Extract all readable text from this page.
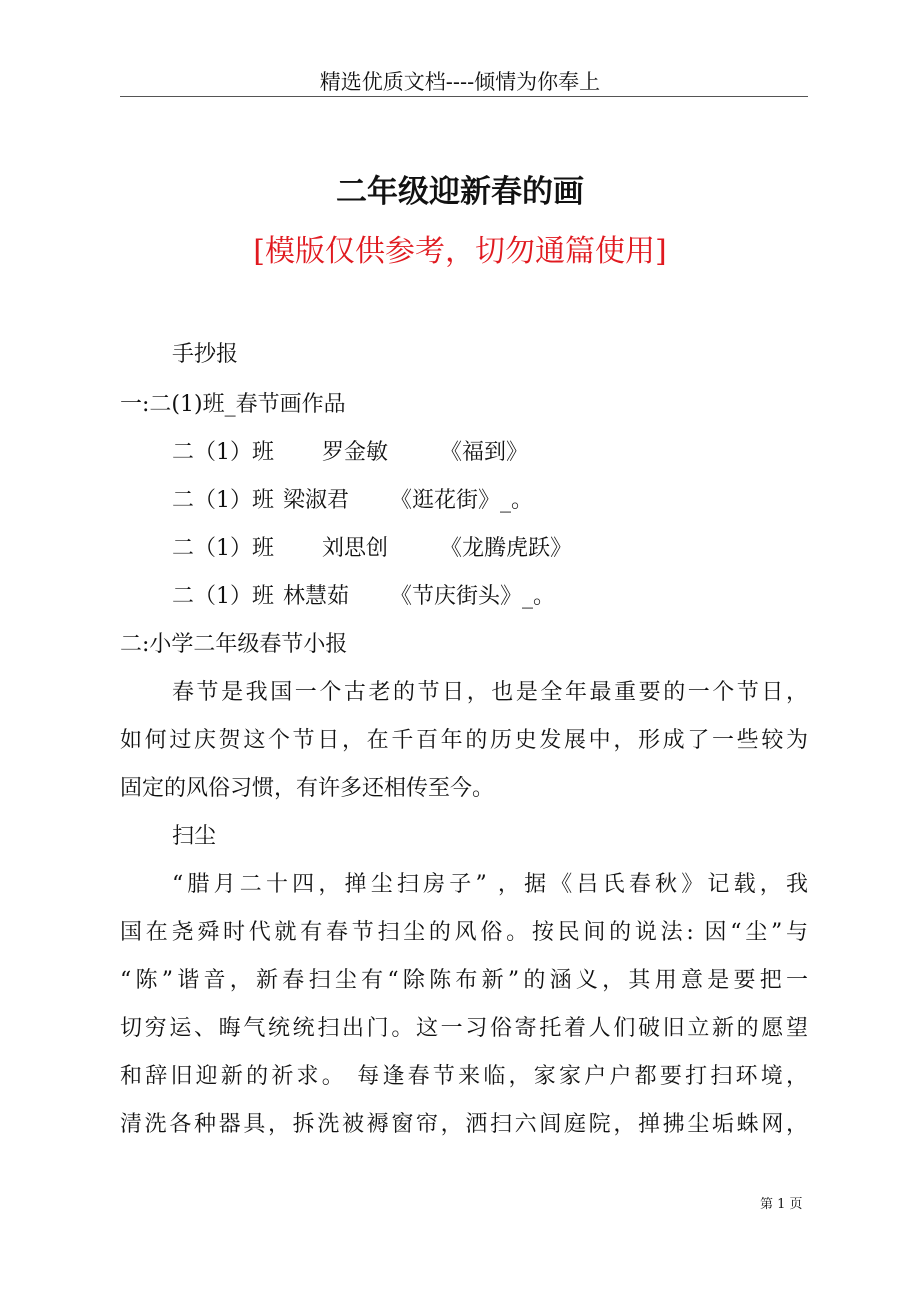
精选优质文档----倾情为你奉上
二年级迎新春的画
[模版仅供参考，切勿通篇使用]
手抄报
一:二(1)班_春节画作品
二（1）班 罗金敏 《福到》
二（1）班 梁淑君 《逛花街》_。
二（1）班 刘思创 《龙腾虎跃》
二（1）班 林慧茹 《节庆街头》_。
二:小学二年级春节小报
春节是我国一个古老的节日，也是全年最重要的一个节日，
如何过庆贺这个节日，在千百年的历史发展中，形成了一些较为
固定的风俗习惯，有许多还相传至今。
扫尘
“腊月二十四，掸尘扫房子” ，据《吕氏春秋》记载，我
国在尧舜时代就有春节扫尘的风俗。按民间的说法: 因“尘”与
“陈”谐音，新春扫尘有“除陈布新”的涵义，其用意是要把一
切穷运、晦气统统扫出门。这一习俗寄托着人们破旧立新的愿望
和辞旧迎新的祈求。 每逢春节来临，家家户户都要打扫环境，
清洗各种器具，拆洗被褥窗帘，洒扫六闾庭院，掸拂尘垢蛛网，
第 1 页
